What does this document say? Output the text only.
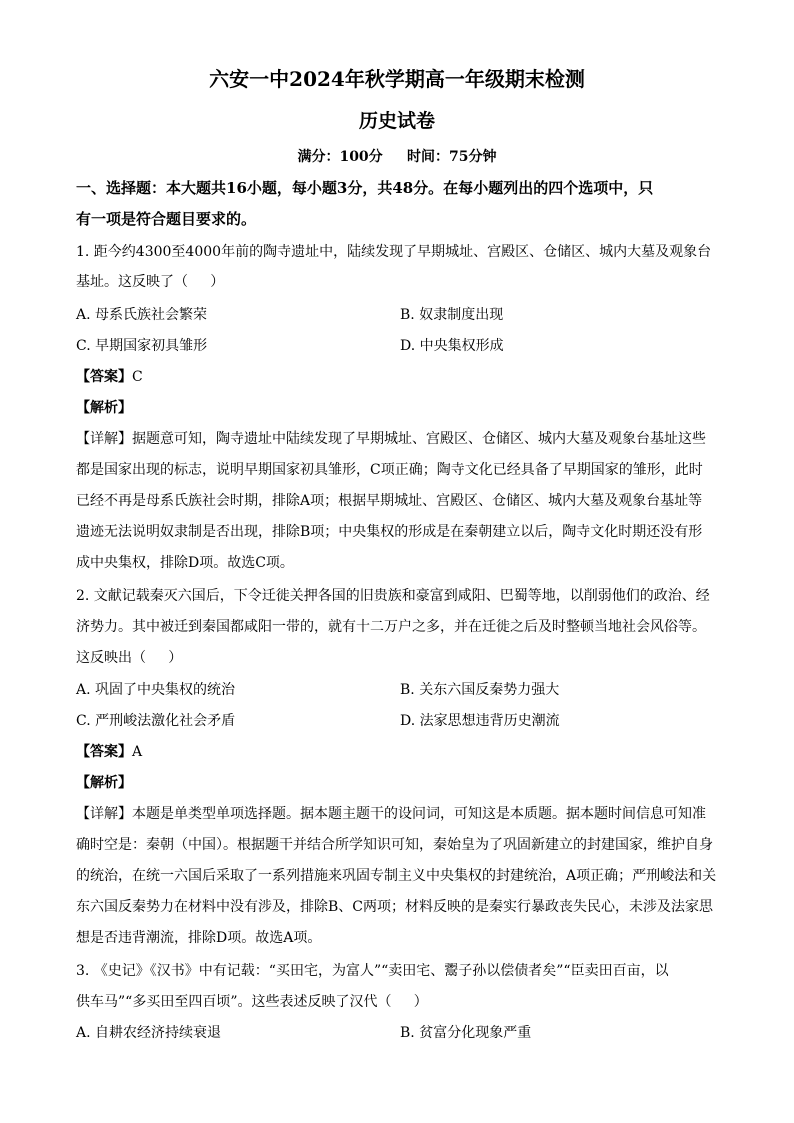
六安一中2024年秋学期高一年级期末检测
历史试卷
满分：100分     时间：75分钟
一、选择题：本大题共16小题，每小题3分，共48分。在每小题列出的四个选项中，只
有一项是符合题目要求的。
1. 距今约4300至4000年前的陶寺遗址中，陆续发现了早期城址、宫殿区、仓储区、城内大墓及观象台
基址。这反映了（     ）
A. 母系氏族社会繁荣	B. 奴隶制度出现
C. 早期国家初具雏形	D. 中央集权形成
【答案】C
【解析】
【详解】据题意可知，陶寺遗址中陆续发现了早期城址、宫殿区、仓储区、城内大墓及观象台基址这些
都是国家出现的标志，说明早期国家初具雏形，C项正确；陶寺文化已经具备了早期国家的雏形，此时
已经不再是母系氏族社会时期，排除A项；根据早期城址、宫殿区、仓储区、城内大墓及观象台基址等
遗迹无法说明奴隶制是否出现，排除B项；中央集权的形成是在秦朝建立以后，陶寺文化时期还没有形
成中央集权，排除D项。故选C项。
2. 文献记载秦灭六国后，下令迁徙关押各国的旧贵族和豪富到咸阳、巴蜀等地，以削弱他们的政治、经
济势力。其中被迁到秦国都咸阳一带的，就有十二万户之多，并在迁徙之后及时整顿当地社会风俗等。
这反映出（     ）
A. 巩固了中央集权的统治	B. 关东六国反秦势力强大
C. 严刑峻法激化社会矛盾	D. 法家思想违背历史潮流
【答案】A
【解析】
【详解】本题是单类型单项选择题。据本题主题干的设问词，可知这是本质题。据本题时间信息可知准
确时空是：秦朝（中国）。根据题干并结合所学知识可知，秦始皇为了巩固新建立的封建国家，维护自身
的统治，在统一六国后采取了一系列措施来巩固专制主义中央集权的封建统治，A项正确；严刑峻法和关
东六国反秦势力在材料中没有涉及，排除B、C两项；材料反映的是秦实行暴政丧失民心，未涉及法家思
想是否违背潮流，排除D项。故选A项。
3. 《史记》《汉书》中有记载：“买田宅，为富人”“卖田宅、鬻子孙以偿债者矣”“臣卖田百亩，以
供车马”“多买田至四百顷”。这些表述反映了汉代（     ）
A. 自耕农经济持续衰退	B. 贫富分化现象严重
